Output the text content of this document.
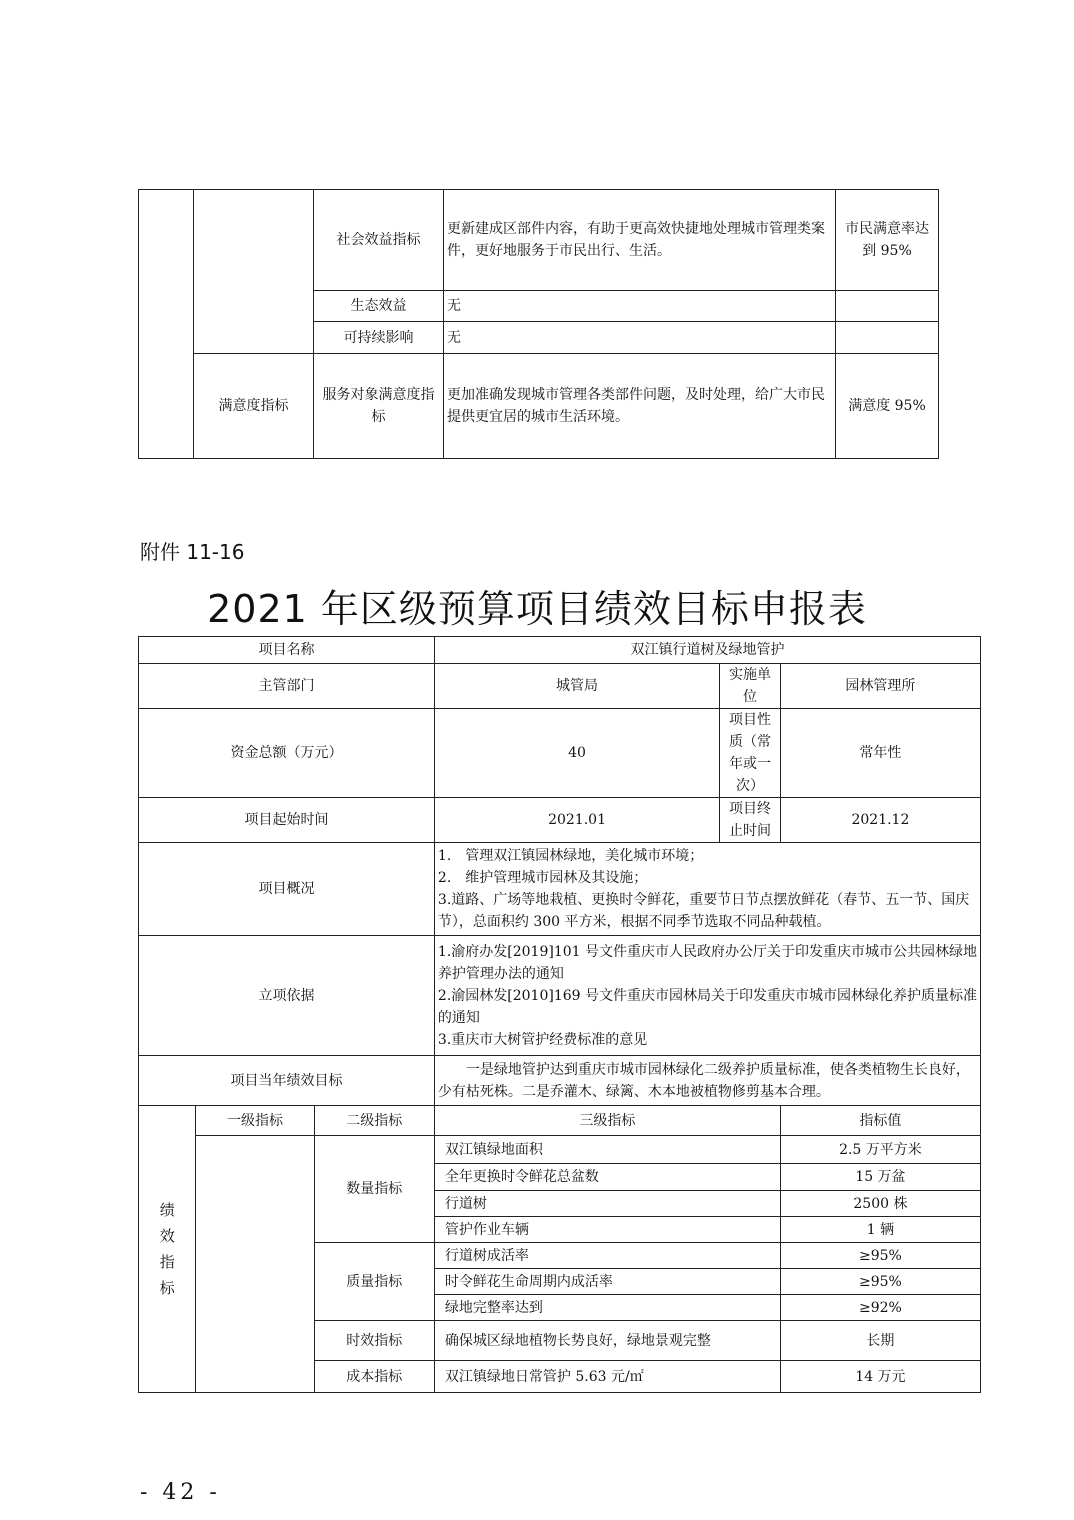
		社会效益指标	更新建成区部件内容，有助于更高效快捷地处理城市管理类案件，更好地服务于市民出行、生活。	市民满意率达到 95%
		生态效益	无	
		可持续影响	无	
	满意度指标	服务对象满意度指标	更加准确发现城市管理各类部件问题，及时处理，给广大市民提供更宜居的城市生活环境。	满意度 95%
附件 11-16
2021 年区级预算项目绩效目标申报表
项目名称			双江镇行道树及绿地管护		
主管部门			城管局	实施单位	园林管理所
资金总额（万元）			40	项目性质（常年或一次）	常年性
项目起始时间			2021.01	项目终止时间	2021.12
项目概况			1.　管理双江镇园林绿地，美化城市环境；
2.　维护管理城市园林及其设施；
3.道路、广场等地栽植、更换时令鲜花，重要节日节点摆放鲜花（春节、五一节、国庆节），总面积约 300 平方米，根据不同季节选取不同品种载植。		

立项依据			1.渝府办发[2019]101 号文件重庆市人民政府办公厅关于印发重庆市城市公共园林绿地养护管理办法的通知
2.渝园林发[2010]169 号文件重庆市园林局关于印发重庆市城市园林绿化养护质量标准的通知
3.重庆市大树管护经费标准的意见		

项目当年绩效目标			　　一是绿地管护达到重庆市城市园林绿化二级养护质量标准，使各类植物生长良好，少有枯死株。二是乔灌木、绿篱、木本地被植物修剪基本合理。		

绩
效
指
标	一级指标	二级指标	三级指标		指标值
		数量指标	双江镇绿地面积		2.5 万平方米
			全年更换时令鲜花总盆数		15 万盆
			行道树		2500 株
			管护作业车辆		1 辆
		质量指标	行道树成活率		≥95%
			时令鲜花生命周期内成活率		≥95%
			绿地完整率达到		≥92%
		时效指标	确保城区绿地植物长势良好，绿地景观完整		长期
		成本指标	双江镇绿地日常管护 5.63 元/㎡		14 万元
- 42 -
